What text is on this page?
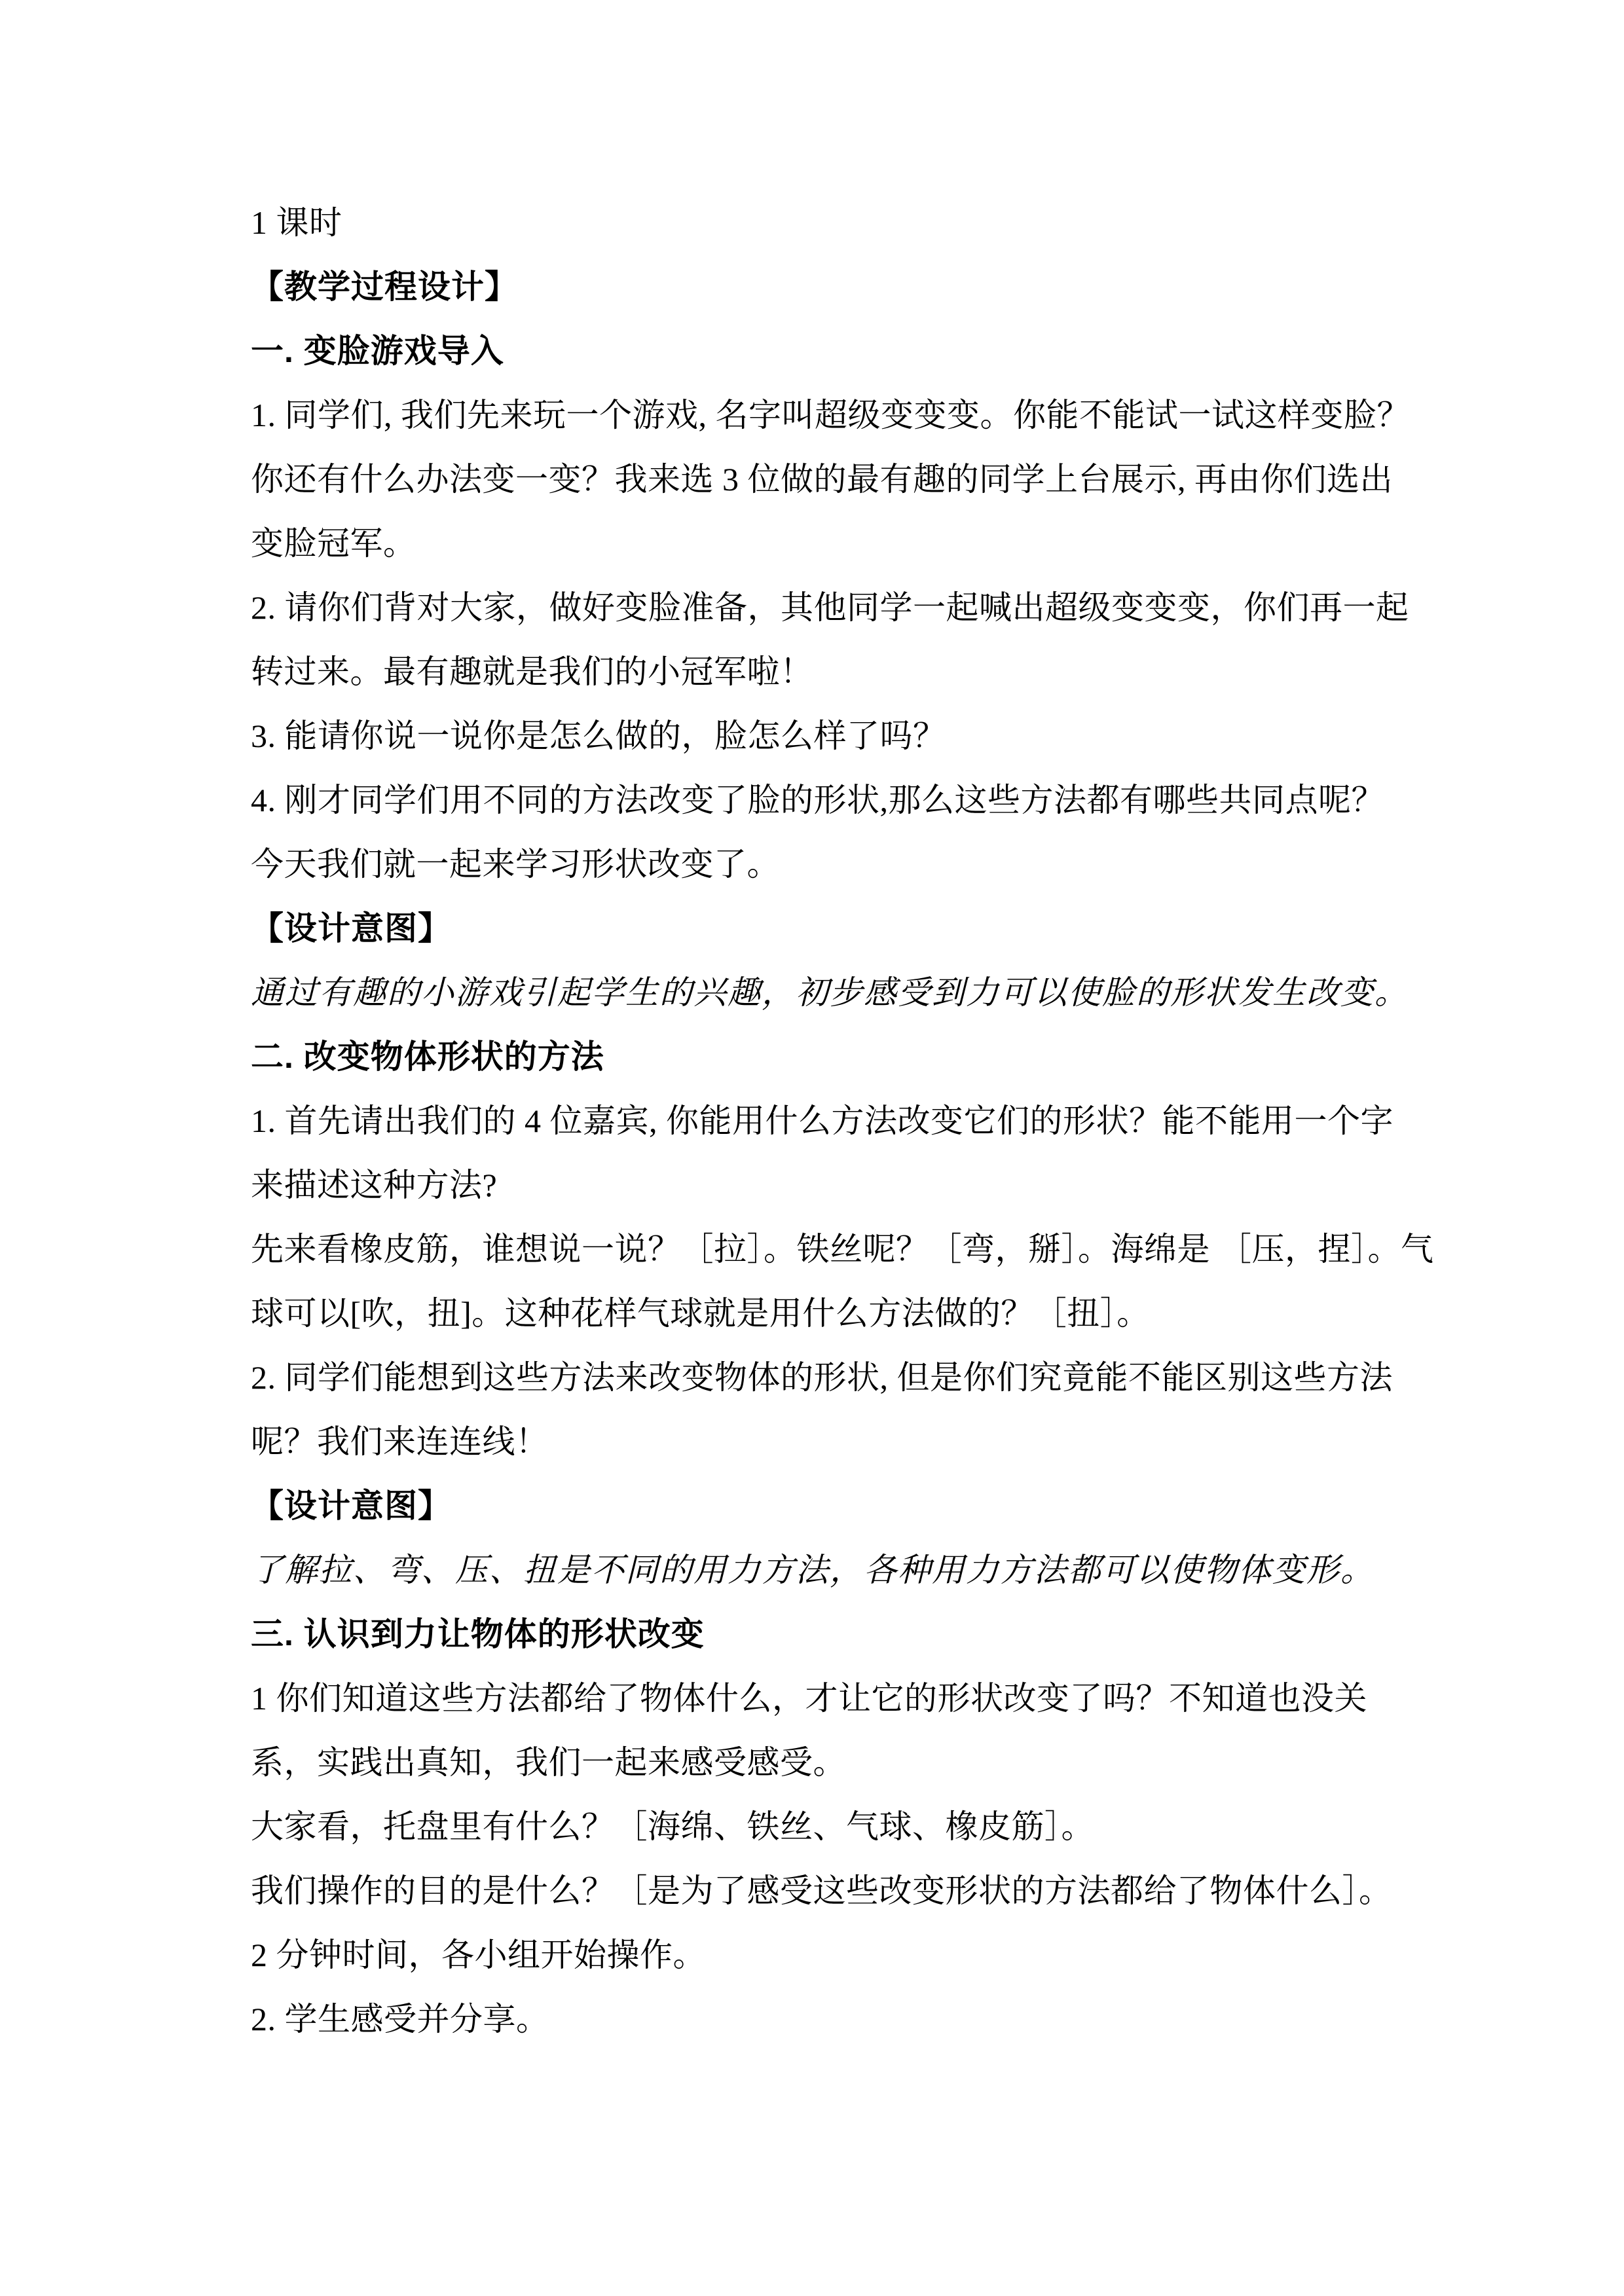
1 课时
【教学过程设计】
一. 变脸游戏导入
1. 同学们, 我们先来玩一个游戏, 名字叫超级变变变。你能不能试一试这样变脸？
你还有什么办法变一变？我来选 3 位做的最有趣的同学上台展示, 再由你们选出
变脸冠军。
2. 请你们背对大家，做好变脸准备，其他同学一起喊出超级变变变，你们再一起
转过来。最有趣就是我们的小冠军啦！
3. 能请你说一说你是怎么做的，脸怎么样了吗？
4. 刚才同学们用不同的方法改变了脸的形状,那么这些方法都有哪些共同点呢？
今天我们就一起来学习形状改变了。
【设计意图】
通过有趣的小游戏引起学生的兴趣，初步感受到力可以使脸的形状发生改变。
二. 改变物体形状的方法
1. 首先请出我们的 4 位嘉宾, 你能用什么方法改变它们的形状？能不能用一个字
来描述这种方法?
先来看橡皮筋，谁想说一说？［拉］。铁丝呢？［弯，掰］。海绵是 ［压，捏］。气
球可以[吹，扭]。这种花样气球就是用什么方法做的？［扭］。
2. 同学们能想到这些方法来改变物体的形状, 但是你们究竟能不能区别这些方法
呢？我们来连连线！
【设计意图】
了解拉、弯、压、扭是不同的用力方法，各种用力方法都可以使物体变形。
三. 认识到力让物体的形状改变
1 你们知道这些方法都给了物体什么，才让它的形状改变了吗？不知道也没关
系，实践出真知，我们一起来感受感受。
大家看，托盘里有什么？［海绵、铁丝、气球、橡皮筋］。
我们操作的目的是什么？［是为了感受这些改变形状的方法都给了物体什么］。
2 分钟时间，各小组开始操作。
2. 学生感受并分享。
